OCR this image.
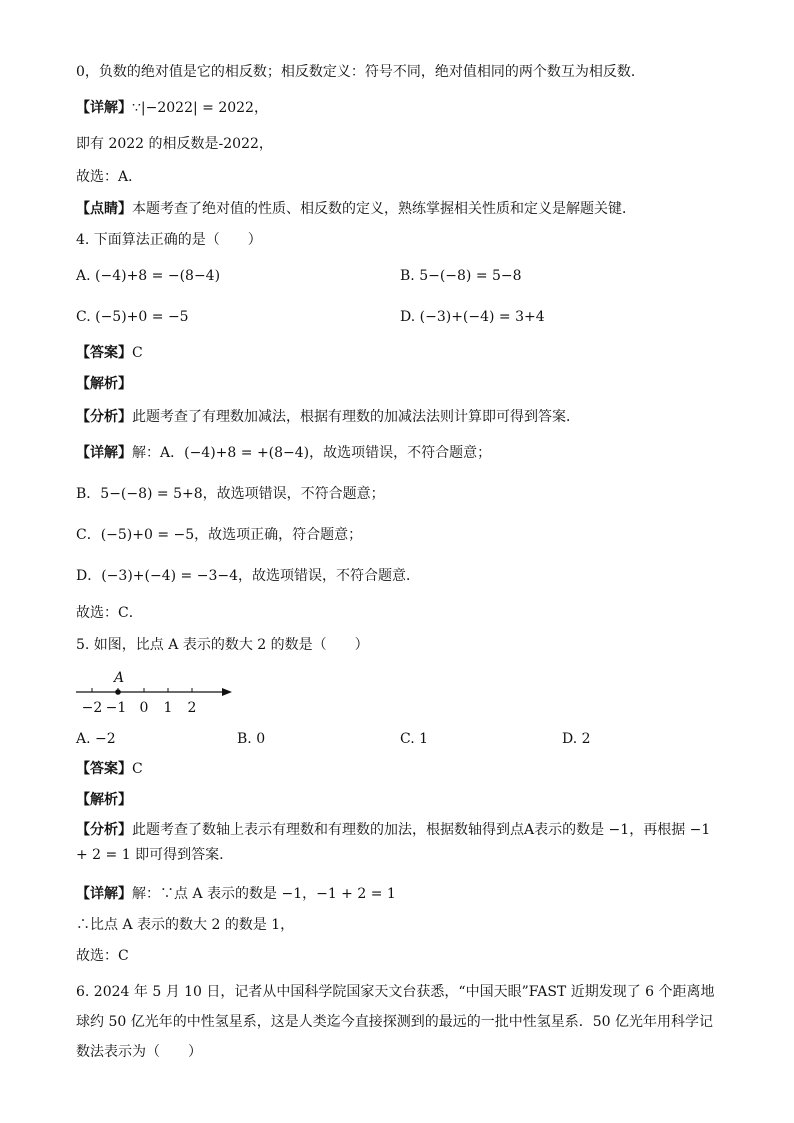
0，负数的绝对值是它的相反数；相反数定义：符号不同，绝对值相同的两个数互为相反数．
【详解】∵|−2022| = 2022，
即有 2022 的相反数是-2022，
故选：A．
【点睛】本题考查了绝对值的性质、相反数的定义，熟练掌握相关性质和定义是解题关键．
4. 下面算法正确的是（　　）
A. (−4)+8 = −(8−4)	B. 5−(−8) = 5−8
C. (−5)+0 = −5	D. (−3)+(−4) = 3+4
【答案】C
【解析】
【分析】此题考查了有理数加减法，根据有理数的加减法法则计算即可得到答案．
【详解】解：A．(−4)+8 = +(8−4)，故选项错误，不符合题意；
B．5−(−8) = 5+8，故选项错误，不符合题意；
C．(−5)+0 = −5，故选项正确，符合题意；
D．(−3)+(−4) = −3−4，故选项错误，不符合题意．
故选：C．
5. 如图，比点 A 表示的数大 2 的数是（　　）
A
−2 −1 0 1 2
A. −2	B. 0	C. 1	D. 2
【答案】C
【解析】
【分析】此题考查了数轴上表示有理数和有理数的加法，根据数轴得到点A表示的数是 −1，再根据 −1 + 2 = 1 即可得到答案.
【详解】解：∵点 A 表示的数是 −1，−1 + 2 = 1
∴比点 A 表示的数大 2 的数是 1，
故选：C
6. 2024 年 5 月 10 日，记者从中国科学院国家天文台获悉，“中国天眼”FAST 近期发现了 6 个距离地球约 50 亿光年的中性氢星系，这是人类迄今直接探测到的最远的一批中性氢星系．50 亿光年用科学记数法表示为（　　）
